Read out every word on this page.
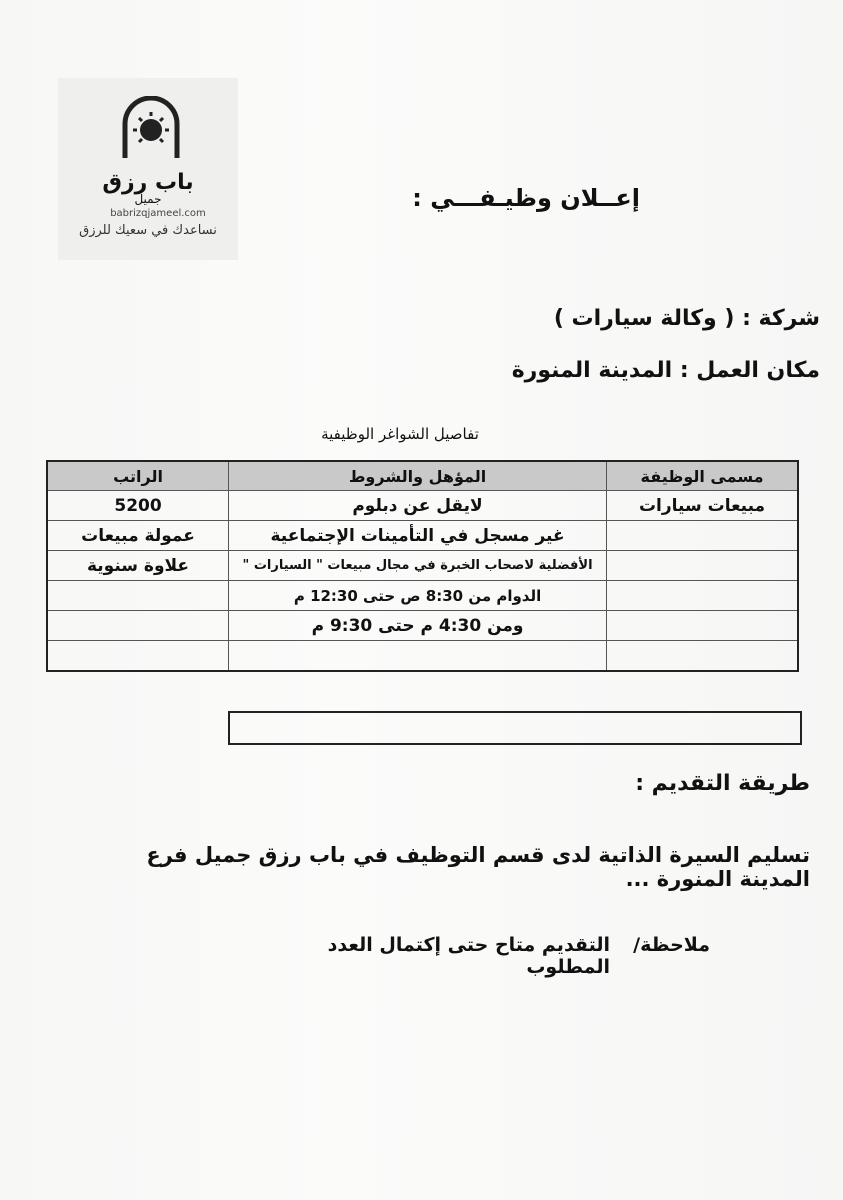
باب رزق
جميل
babrizqjameel.com
نساعدك في سعيك للرزق
إعــلان وظيـفـــي :
شركة : ( وكالة سيارات )
مكان العمل : المدينة المنورة
تفاصيل الشواغر الوظيفية
مسمى الوظيفة	المؤهل والشروط	الراتب
مبيعات سيارات	لايقل عن دبلوم	5200
	غير مسجل في التأمينات الإجتماعية	عمولة مبيعات
	الأفضلية لاصحاب الخبرة في مجال مبيعات " السيارات "	علاوة سنوية
	الدوام من 8:30 ص حتى 12:30 م	
	ومن 4:30 م حتى 9:30 م	

طريقة التقديم :
تسليم السيرة الذاتية لدى قسم التوظيف في باب رزق جميل فرع المدينة المنورة ...
ملاحظة/
التقديم متاح حتى إكتمال العدد المطلوب
